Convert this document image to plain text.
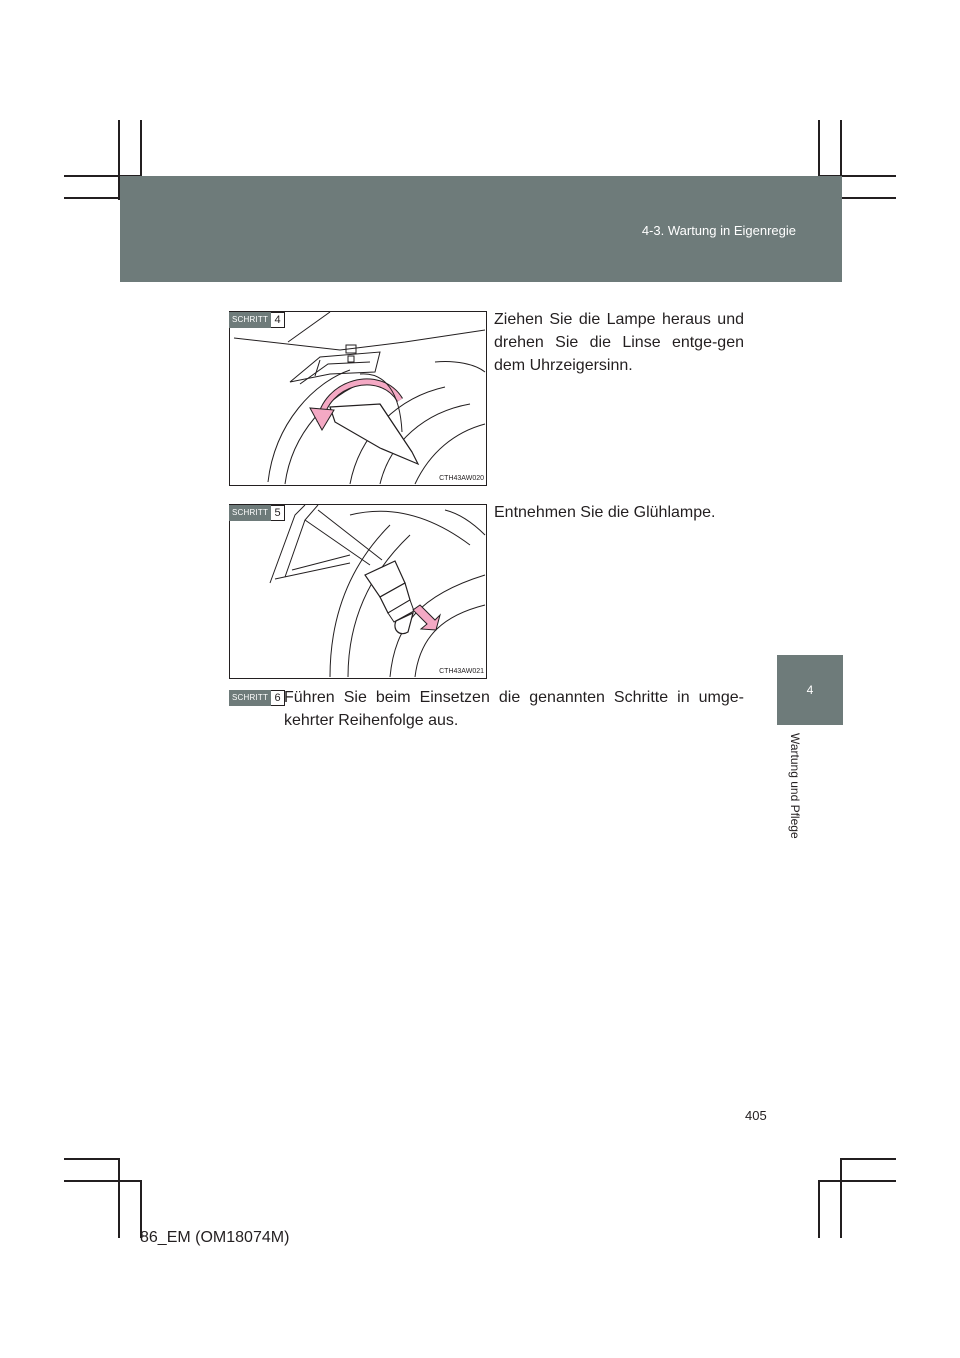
4-3. Wartung in Eigenregie
4
Wartung und Pflege
CTH43AW020
SCHRITT 4	Ziehen Sie die Lampe heraus und drehen Sie die Linse entge-gen dem Uhrzeigersinn.
CTH43AW021
SCHRITT 5	Entnehmen Sie die Glühlampe.
SCHRITT 6 Führen Sie beim Einsetzen die genannten Schritte in umge-kehrter Reihenfolge aus.
405
86_EM (OM18074M)
